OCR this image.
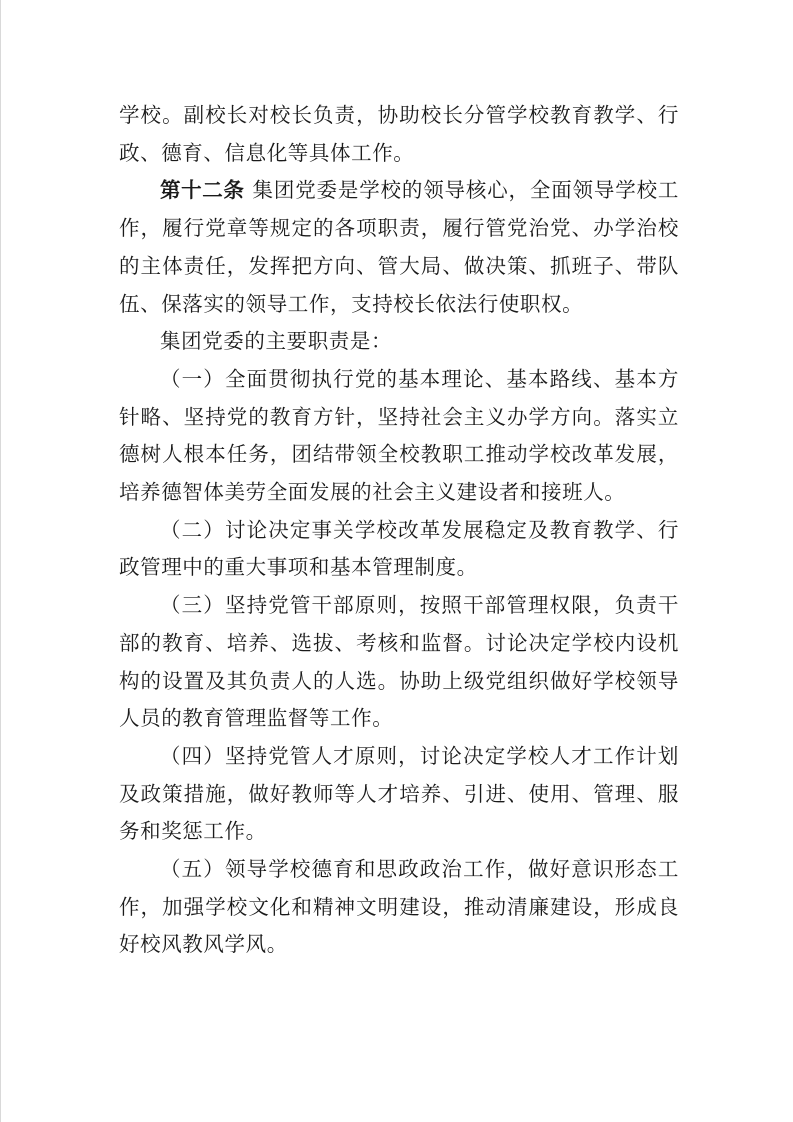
学校。副校长对校长负责，协助校长分管学校教育教学、行政、德育、信息化等具体工作。

第十二条 集团党委是学校的领导核心，全面领导学校工作，履行党章等规定的各项职责，履行管党治党、办学治校的主体责任，发挥把方向、管大局、做决策、抓班子、带队伍、保落实的领导工作，支持校长依法行使职权。

集团党委的主要职责是：

（一）全面贯彻执行党的基本理论、基本路线、基本方针略、坚持党的教育方针，坚持社会主义办学方向。落实立德树人根本任务，团结带领全校教职工推动学校改革发展，培养德智体美劳全面发展的社会主义建设者和接班人。

（二）讨论决定事关学校改革发展稳定及教育教学、行政管理中的重大事项和基本管理制度。

（三）坚持党管干部原则，按照干部管理权限，负责干部的教育、培养、选拔、考核和监督。讨论决定学校内设机构的设置及其负责人的人选。协助上级党组织做好学校领导人员的教育管理监督等工作。

（四）坚持党管人才原则，讨论决定学校人才工作计划及政策措施，做好教师等人才培养、引进、使用、管理、服务和奖惩工作。

（五）领导学校德育和思政政治工作，做好意识形态工作，加强学校文化和精神文明建设，推动清廉建设，形成良好校风教风学风。
